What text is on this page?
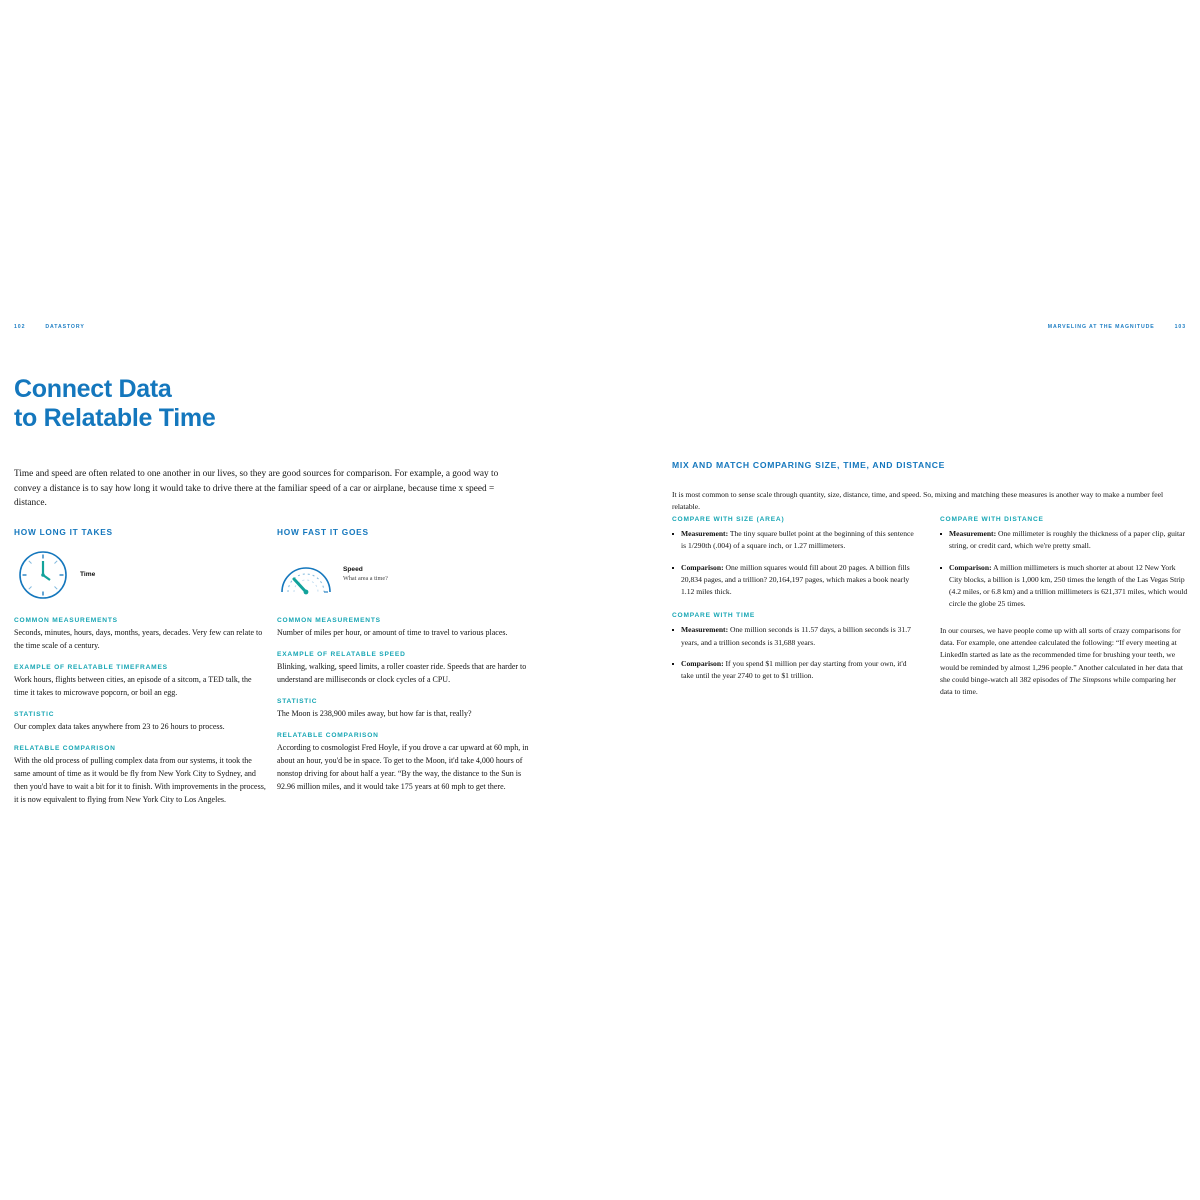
102	DATASTORY	MARVELING AT THE MAGNITUDE	103
Connect Data
to Relatable Time

Time and speed are often related to one another in our lives, so they are good sources for comparison. For example, a good way to convey a distance is to say how long it would take to drive there at the familiar speed of a car or airplane, because time x speed = distance.

HOW LONG IT TAKES
Time
COMMON MEASUREMENTS

Seconds, minutes, hours, days, months, years, decades. Very few can relate to the time scale of a century.

EXAMPLE OF RELATABLE TIMEFRAMES

Work hours, flights between cities, an episode of a sitcom, a TED talk, the time it takes to microwave popcorn, or boil an egg.

STATISTIC

Our complex data takes anywhere from 23 to 26 hours to process.

RELATABLE COMPARISON

With the old process of pulling complex data from our systems, it took the same amount of time as it would be fly from New York City to Sydney, and then you'd have to wait a bit for it to finish. With improvements in the process, it is now equivalent to flying from New York City to Los Angeles.

HOW FAST IT GOES
Speed
What area a time?
COMMON MEASUREMENTS

Number of miles per hour, or amount of time to travel to various places.

EXAMPLE OF RELATABLE SPEED

Blinking, walking, speed limits, a roller coaster ride. Speeds that are harder to understand are milliseconds or clock cycles of a CPU.

STATISTIC

The Moon is 238,900 miles away, but how far is that, really?

RELATABLE COMPARISON

According to cosmologist Fred Hoyle, if you drove a car upward at 60 mph, in about an hour, you'd be in space. To get to the Moon, it'd take 4,000 hours of nonstop driving for about half a year. “By the way, the distance to the Sun is 92.96 million miles, and it would take 175 years at 60 mph to get there.

MIX AND MATCH COMPARING SIZE, TIME, AND DISTANCE

It is most common to sense scale through quantity, size, distance, time, and speed. So, mixing and matching these measures is another way to make a number feel relatable.

COMPARE WITH SIZE (AREA)
Measurement: The tiny square bullet point at the beginning of this sentence is 1/290th (.004) of a square inch, or 1.27 millimeters.
Comparison: One million squares would fill about 20 pages. A billion fills 20,834 pages, and a trillion? 20,164,197 pages, which makes a book nearly 1.12 miles thick.
COMPARE WITH TIME
Measurement: One million seconds is 11.57 days, a billion seconds is 31.7 years, and a trillion seconds is 31,688 years.
Comparison: If you spend $1 million per day starting from your own, it'd take until the year 2740 to get to $1 trillion.
COMPARE WITH DISTANCE
Measurement: One millimeter is roughly the thickness of a paper clip, guitar string, or credit card, which we're pretty small.
Comparison: A million millimeters is much shorter at about 12 New York City blocks, a billion is 1,000 km, 250 times the length of the Las Vegas Strip (4.2 miles, or 6.8 km) and a trillion millimeters is 621,371 miles, which would circle the globe 25 times.

In our courses, we have people come up with all sorts of crazy comparisons for data. For example, one attendee calculated the following: “If every meeting at LinkedIn started as late as the recommended time for brushing your teeth, we would be reminded by almost 1,296 people.” Another calculated in her data that she could binge-watch all 382 episodes of The Simpsons while comparing her data to time.
